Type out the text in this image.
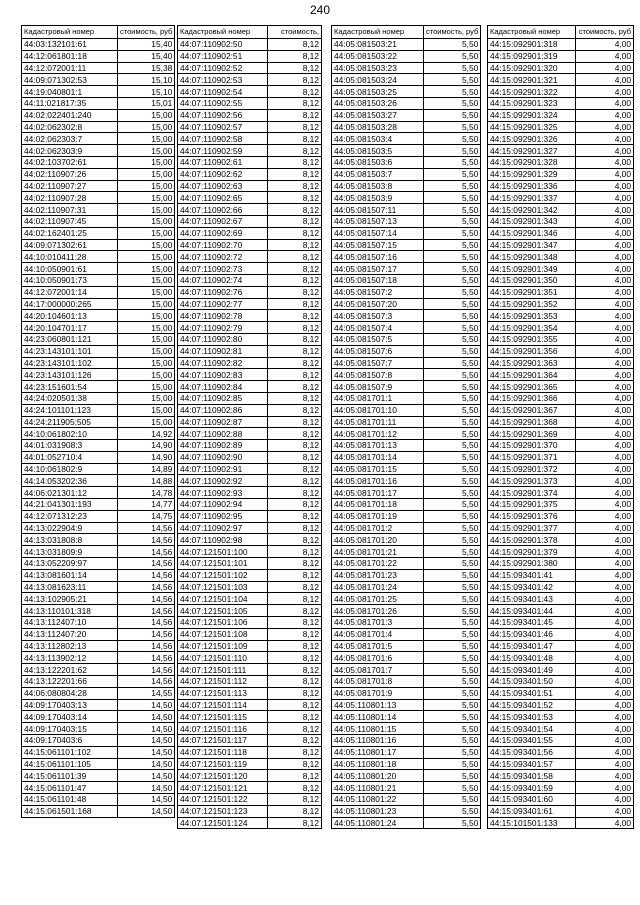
240
Кадастровый номер	стоимость, руб
44:03:132101:61	15,40
44:12:061801:18	15,40
44:12:072001:11	15,38
44:09:071302:53	15,10
44:19:040801:1	15,10
44:11:021817:35	15,01
44:02:022401:240	15,00
44:02:062302:8	15,00
44:02:062303:7	15,00
44:02:062303:9	15,00
44:02:103702:61	15,00
44:02:110907:26	15,00
44:02:110907:27	15,00
44:02:110907:28	15,00
44:02:110907:31	15,00
44:02:110907:45	15,00
44:02:162401:25	15,00
44:09:071302:61	15,00
44:10:010411:28	15,00
44:10:050901:61	15,00
44:10:050901:73	15,00
44:12:072001:14	15,00
44:17:000000:265	15,00
44:20:104601:13	15,00
44:20:104701:17	15,00
44:23:060801:121	15,00
44:23:143101:101	15,00
44:23:143101:102	15,00
44:23:143101:126	15,00
44:23:151601:54	15,00
44:24:020501:38	15,00
44:24:101101:123	15,00
44:24:211905:505	15,00
44:10:061802:10	14,92
44:01:031908:3	14,90
44:01:052710:4	14,90
44:10:061802:9	14,89
44:14:053202:36	14,88
44:06:021301:12	14,78
44:21:041301:193	14,77
44:12:071312:23	14,75
44:13:022904:9	14,56
44:13:031808:8	14,56
44:13:031809:9	14,56
44:13:052209:97	14,56
44:13:081601:14	14,56
44:13:081623:11	14,56
44:13:102905:21	14,56
44:13:110101:318	14,56
44:13:112407:10	14,56
44:13:112407:20	14,56
44:13:112802:13	14,56
44:13:113902:12	14,56
44:13:122201:62	14,56
44:13:122201:66	14,56
44:06:080804:28	14,55
44:09:170403:13	14,50
44:09:170403:14	14,50
44:09:170403:15	14,50
44:09:170403:6	14,50
44:15:061101:102	14,50
44:15:061101:105	14,50
44:15:061101:39	14,50
44:15:061101:47	14,50
44:15:061101:48	14,50
44:15:061501:168	14,50
Кадастровый номер	стоимость,
44:07:110902:50	8,12
44:07:110902:51	8,12
44:07:110902:52	8,12
44:07:110902:53	8,12
44:07:110902:54	8,12
44:07:110902:55	8,12
44:07:110902:56	8,12
44:07:110902:57	8,12
44:07:110902:58	8,12
44:07:110902:59	8,12
44:07:110902:61	8,12
44:07:110902:62	8,12
44:07:110902:63	8,12
44:07:110902:65	8,12
44:07:110902:66	8,12
44:07:110902:67	8,12
44:07:110902:69	8,12
44:07:110902:70	8,12
44:07:110902:72	8,12
44:07:110902:73	8,12
44:07:110902:74	8,12
44:07:110902:76	8,12
44:07:110902:77	8,12
44:07:110902:78	8,12
44:07:110902:79	8,12
44:07:110902:80	8,12
44:07:110902:81	8,12
44:07:110902:82	8,12
44:07:110902:83	8,12
44:07:110902:84	8,12
44:07:110902:85	8,12
44:07:110902:86	8,12
44:07:110902:87	8,12
44:07:110902:88	8,12
44:07:110902:89	8,12
44:07:110902:90	8,12
44:07:110902:91	8,12
44:07:110902:92	8,12
44:07:110902:93	8,12
44:07:110902:94	8,12
44:07:110902:95	8,12
44:07:110902:97	8,12
44:07:110902:98	8,12
44:07:121501:100	8,12
44:07:121501:101	8,12
44:07:121501:102	8,12
44:07:121501:103	8,12
44:07:121501:104	8,12
44:07:121501:105	8,12
44:07:121501:106	8,12
44:07:121501:108	8,12
44:07:121501:109	8,12
44:07:121501:110	8,12
44:07:121501:111	8,12
44:07:121501:112	8,12
44:07:121501:113	8,12
44:07:121501:114	8,12
44:07:121501:115	8,12
44:07:121501:116	8,12
44:07:121501:117	8,12
44:07:121501:118	8,12
44:07:121501:119	8,12
44:07:121501:120	8,12
44:07:121501:121	8,12
44:07:121501:122	8,12
44:07:121501:123	8,12
44:07:121501:124	8,12
Кадастровый номер	стоимость, руб
44:05:081503:21	5,50
44:05:081503:22	5,50
44:05:081503:23	5,50
44:05:081503:24	5,50
44:05:081503:25	5,50
44:05:081503:26	5,50
44:05:081503:27	5,50
44:05:081503:28	5,50
44:05:081503:4	5,50
44:05:081503:5	5,50
44:05:081503:6	5,50
44:05:081503:7	5,50
44:05:081503:8	5,50
44:05:081503:9	5,50
44:05:081507:11	5,50
44:05:081507:13	5,50
44:05:081507:14	5,50
44:05:081507:15	5,50
44:05:081507:16	5,50
44:05:081507:17	5,50
44:05:081507:18	5,50
44:05:081507:2	5,50
44:05:081507:20	5,50
44:05:081507:3	5,50
44:05:081507:4	5,50
44:05:081507:5	5,50
44:05:081507:6	5,50
44:05:081507:7	5,50
44:05:081507:8	5,50
44:05:081507:9	5,50
44:05:081701:1	5,50
44:05:081701:10	5,50
44:05:081701:11	5,50
44:05:081701:12	5,50
44:05:081701:13	5,50
44:05:081701:14	5,50
44:05:081701:15	5,50
44:05:081701:16	5,50
44:05:081701:17	5,50
44:05:081701:18	5,50
44:05:081701:19	5,50
44:05:081701:2	5,50
44:05:081701:20	5,50
44:05:081701:21	5,50
44:05:081701:22	5,50
44:05:081701:23	5,50
44:05:081701:24	5,50
44:05:081701:25	5,50
44:05:081701:26	5,50
44:05:081701:3	5,50
44:05:081701:4	5,50
44:05:081701:5	5,50
44:05:081701:6	5,50
44:05:081701:7	5,50
44:05:081701:8	5,50
44:05:081701:9	5,50
44:05:110801:13	5,50
44:05:110801:14	5,50
44:05:110801:15	5,50
44:05:110801:16	5,50
44:05:110801:17	5,50
44:05:110801:18	5,50
44:05:110801:20	5,50
44:05:110801:21	5,50
44:05:110801:22	5,50
44:05:110801:23	5,50
44:05:110801:24	5,50
Кадастровый номер	стоимость, руб
44:15:092901:318	4,00
44:15:092901:319	4,00
44:15:092901:320	4,00
44:15:092901:321	4,00
44:15:092901:322	4,00
44:15:092901:323	4,00
44:15:092901:324	4,00
44:15:092901:325	4,00
44:15:092901:326	4,00
44:15:092901:327	4,00
44:15:092901:328	4,00
44:15:092901:329	4,00
44:15:092901:336	4,00
44:15:092901:337	4,00
44:15:092901:342	4,00
44:15:092901:343	4,00
44:15:092901:346	4,00
44:15:092901:347	4,00
44:15:092901:348	4,00
44:15:092901:349	4,00
44:15:092901:350	4,00
44:15:092901:351	4,00
44:15:092901:352	4,00
44:15:092901:353	4,00
44:15:092901:354	4,00
44:15:092901:355	4,00
44:15:092901:356	4,00
44:15:092901:363	4,00
44:15:092901:364	4,00
44:15:092901:365	4,00
44:15:092901:366	4,00
44:15:092901:367	4,00
44:15:092901:368	4,00
44:15:092901:369	4,00
44:15:092901:370	4,00
44:15:092901:371	4,00
44:15:092901:372	4,00
44:15:092901:373	4,00
44:15:092901:374	4,00
44:15:092901:375	4,00
44:15:092901:376	4,00
44:15:092901:377	4,00
44:15:092901:378	4,00
44:15:092901:379	4,00
44:15:092901:380	4,00
44:15:093401:41	4,00
44:15:093401:42	4,00
44:15:093401:43	4,00
44:15:093401:44	4,00
44:15:093401:45	4,00
44:15:093401:46	4,00
44:15:093401:47	4,00
44:15:093401:48	4,00
44:15:093401:49	4,00
44:15:093401:50	4,00
44:15:093401:51	4,00
44:15:093401:52	4,00
44:15:093401:53	4,00
44:15:093401:54	4,00
44:15:093401:55	4,00
44:15:093401:56	4,00
44:15:093401:57	4,00
44:15:093401:58	4,00
44:15:093401:59	4,00
44:15:093401:60	4,00
44:15:093401:61	4,00
44:15:101501:133	4,00
